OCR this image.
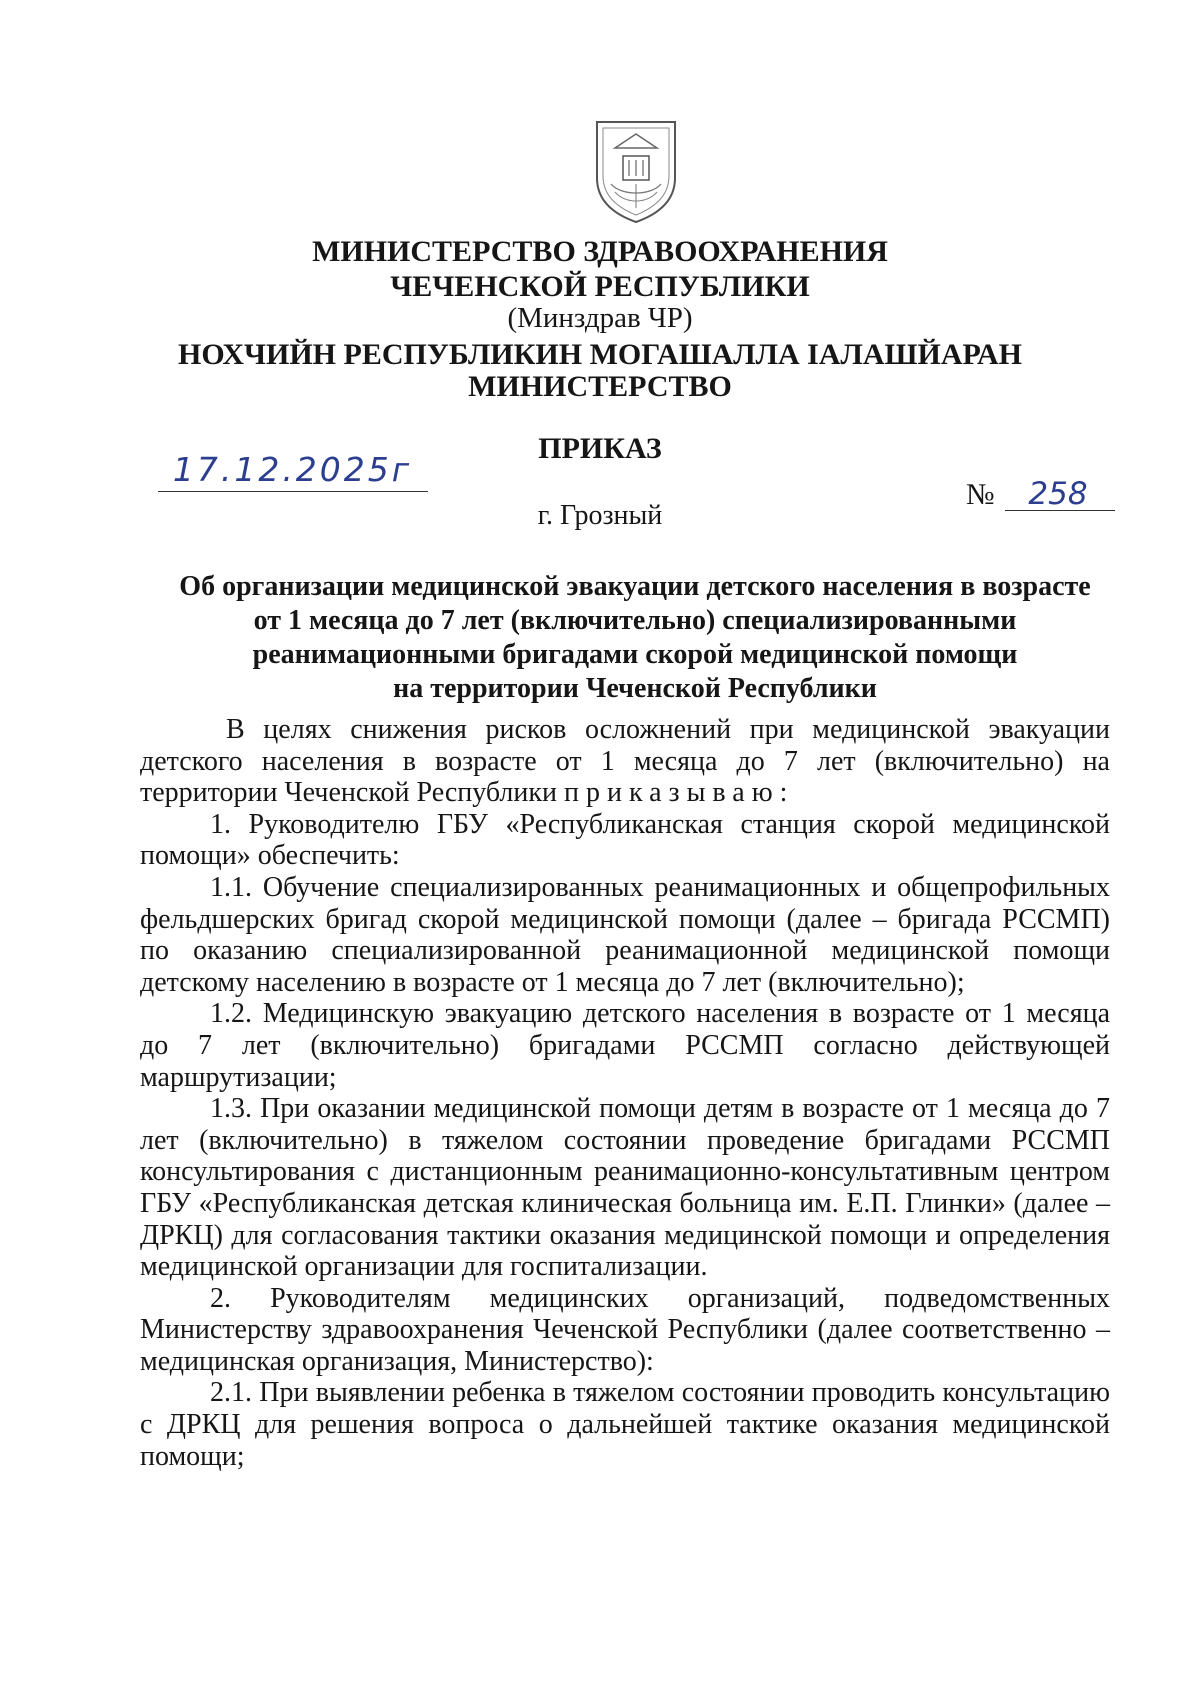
МИНИСТЕРСТВО ЗДРАВООХРАНЕНИЯ
ЧЕЧЕНСКОЙ РЕСПУБЛИКИ
(Минздрав ЧР)
НОХЧИЙН РЕСПУБЛИКИН МОГАШАЛЛА ІАЛАШЙАРАН
МИНИСТЕРСТВО
ПРИКАЗ
17.12.2025г
№	258
г. Грозный
Об организации медицинской эвакуации детского населения в возрасте
от 1 месяца до 7 лет (включительно) специализированными
реанимационными бригадами скорой медицинской помощи
на территории Чеченской Республики

В целях снижения рисков осложнений при медицинской эвакуации детского населения в возрасте от 1 месяца до 7 лет (включительно) на территории Чеченской Республики приказываю:

1. Руководителю ГБУ «Республиканская станция скорой медицинской помощи» обеспечить:

1.1. Обучение специализированных реанимационных и общепрофильных фельдшерских бригад скорой медицинской помощи (далее – бригада РССМП) по оказанию специализированной реанимационной медицинской помощи детскому населению в возрасте от 1 месяца до 7 лет (включительно);

1.2. Медицинскую эвакуацию детского населения в возрасте от 1 месяца до 7 лет (включительно) бригадами РССМП согласно действующей маршрутизации;

1.3. При оказании медицинской помощи детям в возрасте от 1 месяца до 7 лет (включительно) в тяжелом состоянии проведение бригадами РССМП консультирования с дистанционным реанимационно-консультативным центром ГБУ «Республиканская детская клиническая больница им. Е.П. Глинки» (далее – ДРКЦ) для согласования тактики оказания медицинской помощи и определения медицинской организации для госпитализации.

2. Руководителям медицинских организаций, подведомственных Министерству здравоохранения Чеченской Республики (далее соответственно – медицинская организация, Министерство):

2.1. При выявлении ребенка в тяжелом состоянии проводить консультацию с ДРКЦ для решения вопроса о дальнейшей тактике оказания медицинской помощи;
